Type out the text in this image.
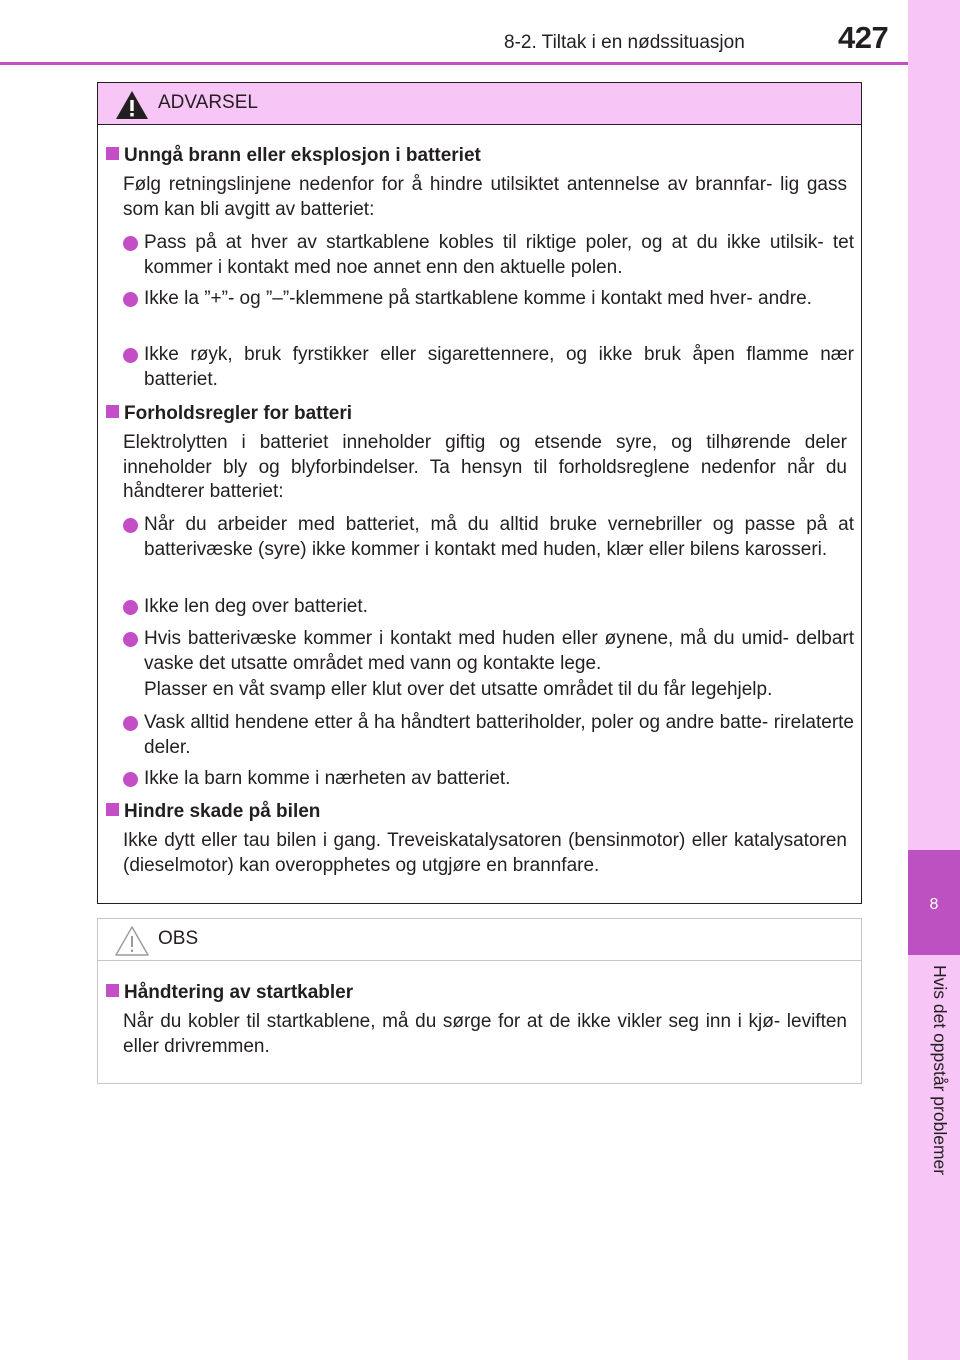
8-2. Tiltak i en nødssituasjon	427
8
Hvis det oppstår problemer
ADVARSEL
Unngå brann eller eksplosjon i batteriet
Følg retningslinjene nedenfor for å hindre utilsiktet antennelse av brannfar- lig gass som kan bli avgitt av batteriet:
Pass på at hver av startkablene kobles til riktige poler, og at du ikke utilsik- tet kommer i kontakt med noe annet enn den aktuelle polen.
Ikke la ”+”- og ”–”-klemmene på startkablene komme i kontakt med hver- andre.
Ikke røyk, bruk fyrstikker eller sigarettennere, og ikke bruk åpen flamme nær batteriet.
Forholdsregler for batteri
Elektrolytten i batteriet inneholder giftig og etsende syre, og tilhørende deler inneholder bly og blyforbindelser. Ta hensyn til forholdsreglene nedenfor når du håndterer batteriet:
Når du arbeider med batteriet, må du alltid bruke vernebriller og passe på at batterivæske (syre) ikke kommer i kontakt med huden, klær eller bilens karosseri.
Ikke len deg over batteriet.
Hvis batterivæske kommer i kontakt med huden eller øynene, må du umid- delbart vaske det utsatte området med vann og kontakte lege.
Plasser en våt svamp eller klut over det utsatte området til du får legehjelp.
Vask alltid hendene etter å ha håndtert batteriholder, poler og andre batte- rirelaterte deler.
Ikke la barn komme i nærheten av batteriet.
Hindre skade på bilen
Ikke dytt eller tau bilen i gang. Treveiskatalysatoren (bensinmotor) eller katalysatoren (dieselmotor) kan overopphetes og utgjøre en brannfare.
OBS
Håndtering av startkabler
Når du kobler til startkablene, må du sørge for at de ikke vikler seg inn i kjø- leviften eller drivremmen.
